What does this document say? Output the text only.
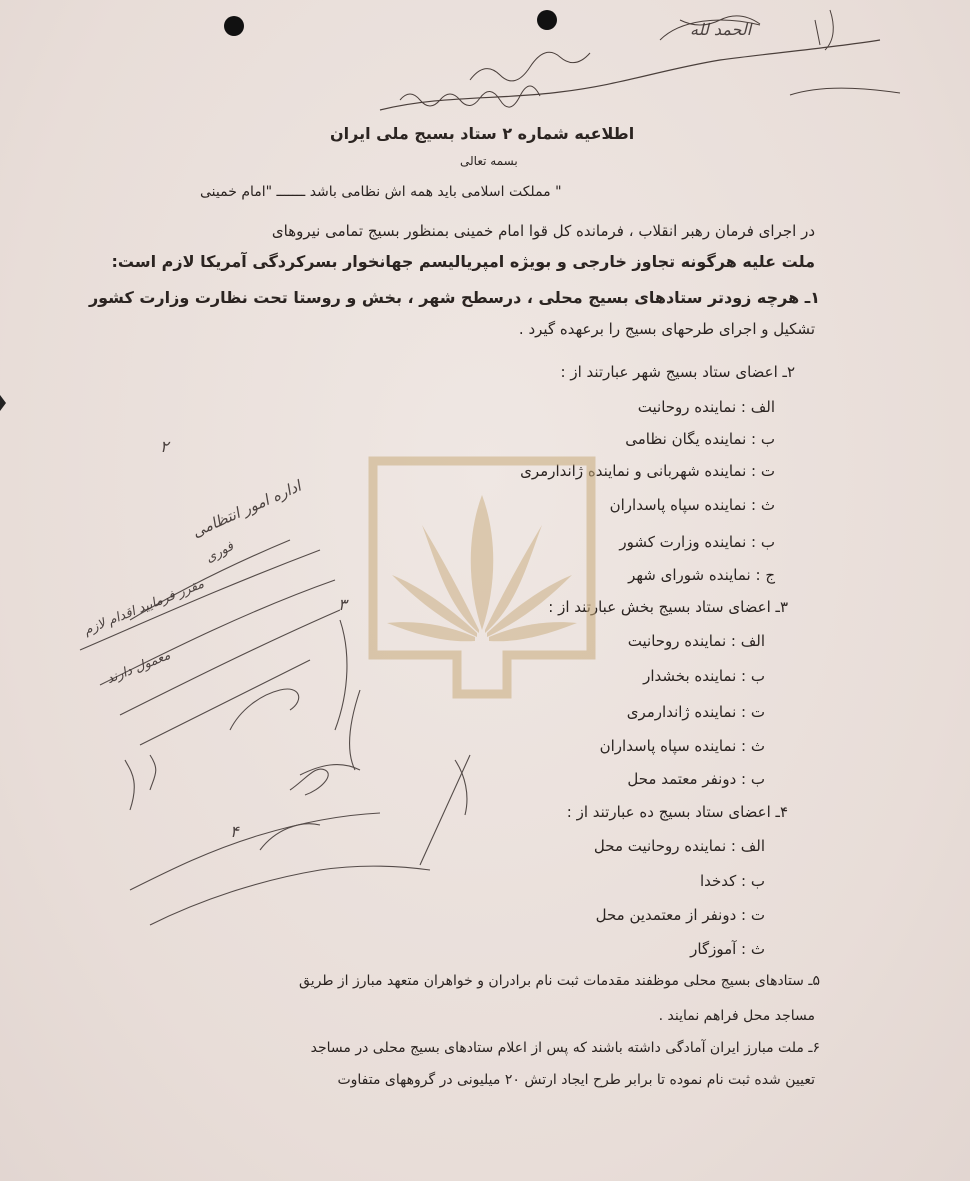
الحمد لله
اطلاعیه شماره ۲ ستاد بسیج ملی ایران
بسمه تعالی
" مملکت اسلامی باید همه اش نظامی باشد ـــــــ "امام خمینی
در اجرای فرمان رهبر انقلاب ، فرمانده کل قوا امام خمینی بمنظور بسیج تمامی نیروهای
ملت علیه هرگونه تجاوز خارجی و بویژه امپریالیسم جهانخوار بسرکردگی آمریکا لازم است:
۱ـ هرچه زودتر ستادهای بسیج محلی ، درسطح شهر ، بخش و روستا تحت نظارت وزارت کشور
تشکیل و اجرای طرحهای بسیج را برعهده گیرد .
۲ـ اعضای ستاد بسیج شهر عبارتند از :
الف : نماینده روحانیت
ب : نماینده یگان نظامی
ت : نماینده شهربانی و نماینده ژاندارمری
ث : نماینده سپاه پاسداران
ب : نماینده وزارت کشور
ج : نماینده شورای شهر
۳ـ اعضای ستاد بسیج بخش عبارتند از :
الف : نماینده روحانیت
ب : نماینده بخشدار
ت : نماینده ژاندارمری
ث : نماینده سپاه پاسداران
ب : دونفر معتمد محل
۴ـ اعضای ستاد بسیج ده عبارتند از :
الف : نماینده روحانیت محل
ب : کدخدا
ت : دونفر از معتمدین محل
ث : آموزگار
۵ـ ستادهای بسیج محلی موظفند مقدمات ثبت نام برادران و خواهران متعهد مبارز از طریق
مساجد محل فراهم نمایند .
۶ـ ملت مبارز ایران آمادگی داشته باشند که پس از اعلام ستادهای بسیج محلی در مساجد
تعیین شده ثبت نام نموده تا برابر طرح ایجاد ارتش ۲۰ میلیونی در گروههای متفاوت
۲
۳
۴
اداره امور انتظامی
فوری
مقرر فرمایید اقدام لازم
معمول دارند
